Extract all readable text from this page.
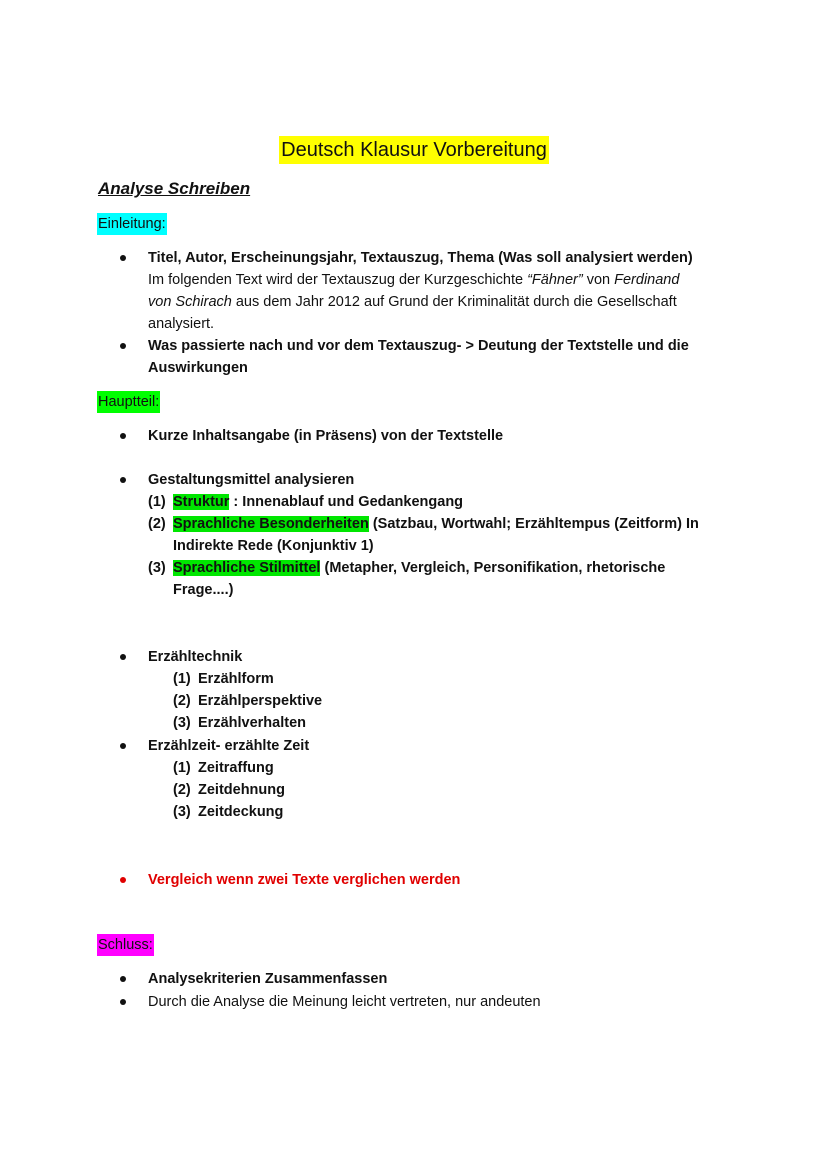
Deutsch Klausur Vorbereitung
Analyse Schreiben
Einleitung:
Titel, Autor, Erscheinungsjahr, Textauszug, Thema (Was soll analysiert werden)
Im folgenden Text wird der Textauszug der Kurzgeschichte “Fähner” von Ferdinand
von Schirach aus dem Jahr 2012 auf Grund der Kriminalität durch die Gesellschaft
analysiert.
Was passierte nach und vor dem Textauszug- > Deutung der Textstelle und die
Auswirkungen
Hauptteil:
Kurze Inhaltsangabe (in Präsens) von der Textstelle
Gestaltungsmittel analysieren
(1) Struktur : Innenablauf und Gedankengang
(2) Sprachliche Besonderheiten (Satzbau, Wortwahl; Erzähltempus (Zeitform) In
Indirekte Rede (Konjunktiv 1)
(3) Sprachliche Stilmittel (Metapher, Vergleich, Personifikation, rhetorische
Frage....)
Erzähltechnik
(1) Erzählform
(2) Erzählperspektive
(3) Erzählverhalten
Erzählzeit- erzählte Zeit
(1) Zeitraffung
(2) Zeitdehnung
(3) Zeitdeckung
Vergleich wenn zwei Texte verglichen werden
Schluss:
Analysekriterien Zusammenfassen
Durch die Analyse die Meinung leicht vertreten, nur andeuten
